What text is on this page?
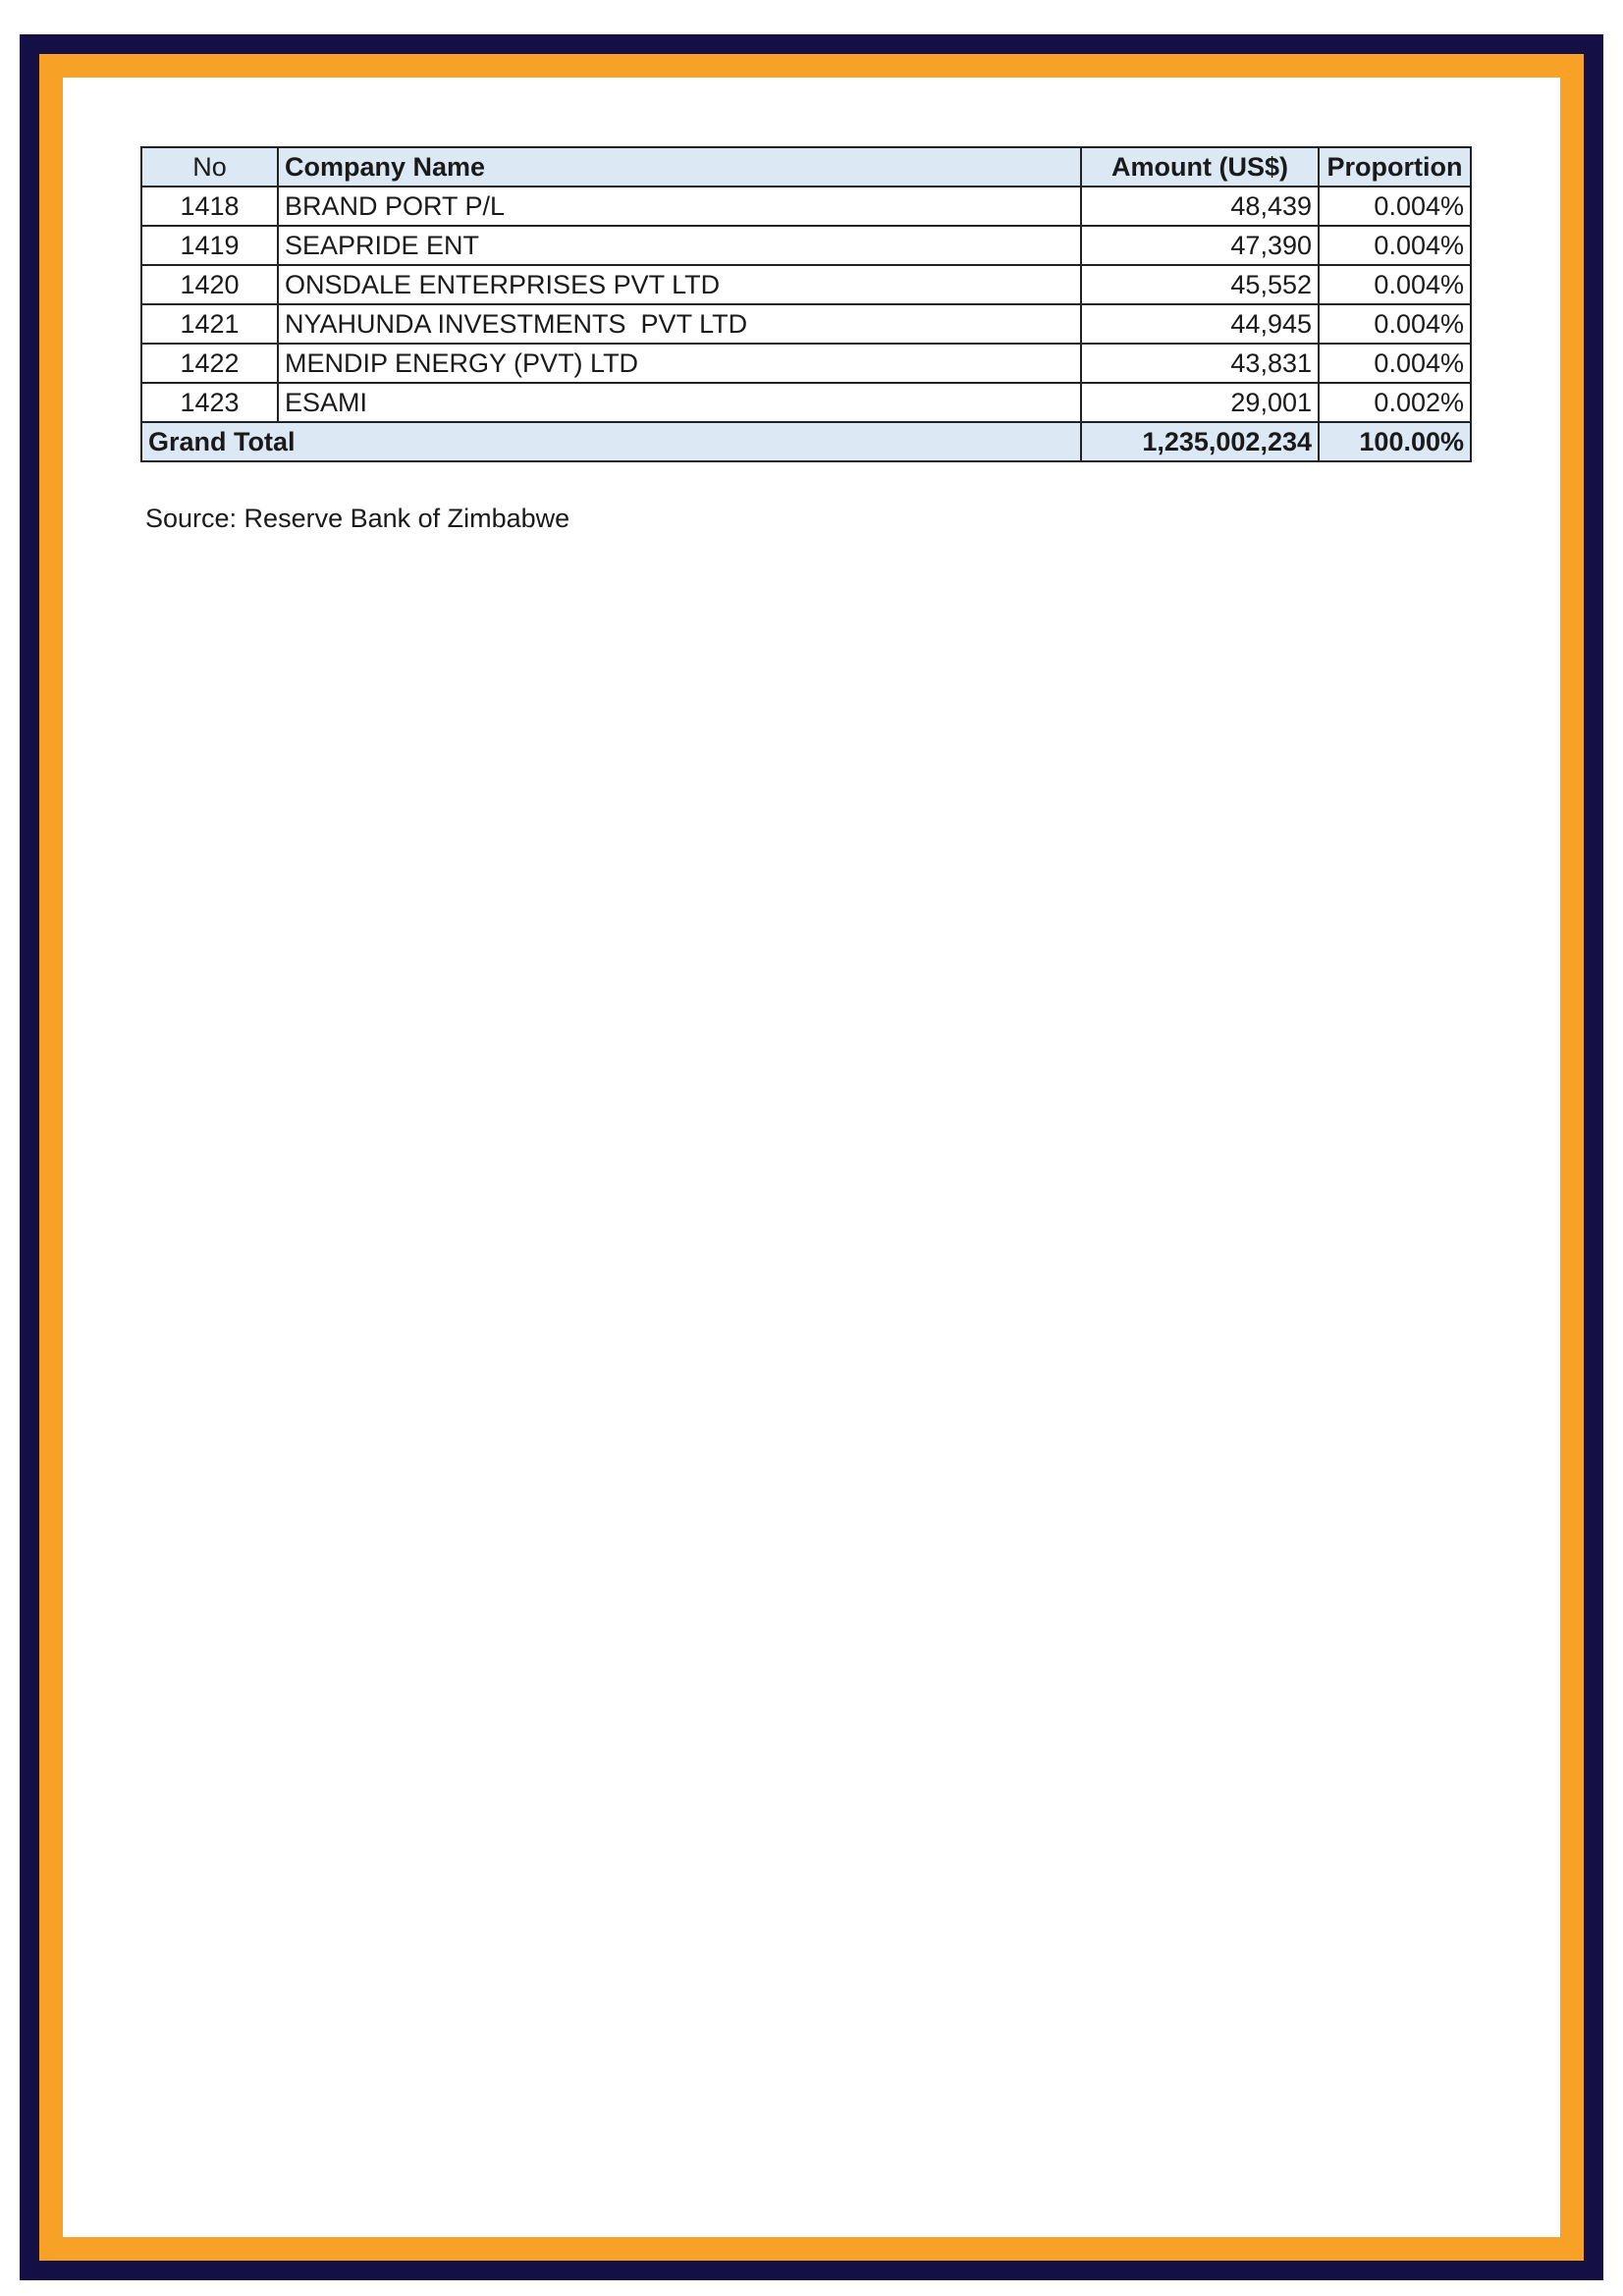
No	Company Name	Amount (US$)	Proportion
1418	BRAND PORT P/L	48,439	0.004%
1419	SEAPRIDE ENT	47,390	0.004%
1420	ONSDALE ENTERPRISES PVT LTD	45,552	0.004%
1421	NYAHUNDA INVESTMENTS  PVT LTD	44,945	0.004%
1422	MENDIP ENERGY (PVT) LTD	43,831	0.004%
1423	ESAMI	29,001	0.002%
Grand Total		1,235,002,234	100.00%
Source: Reserve Bank of Zimbabwe
